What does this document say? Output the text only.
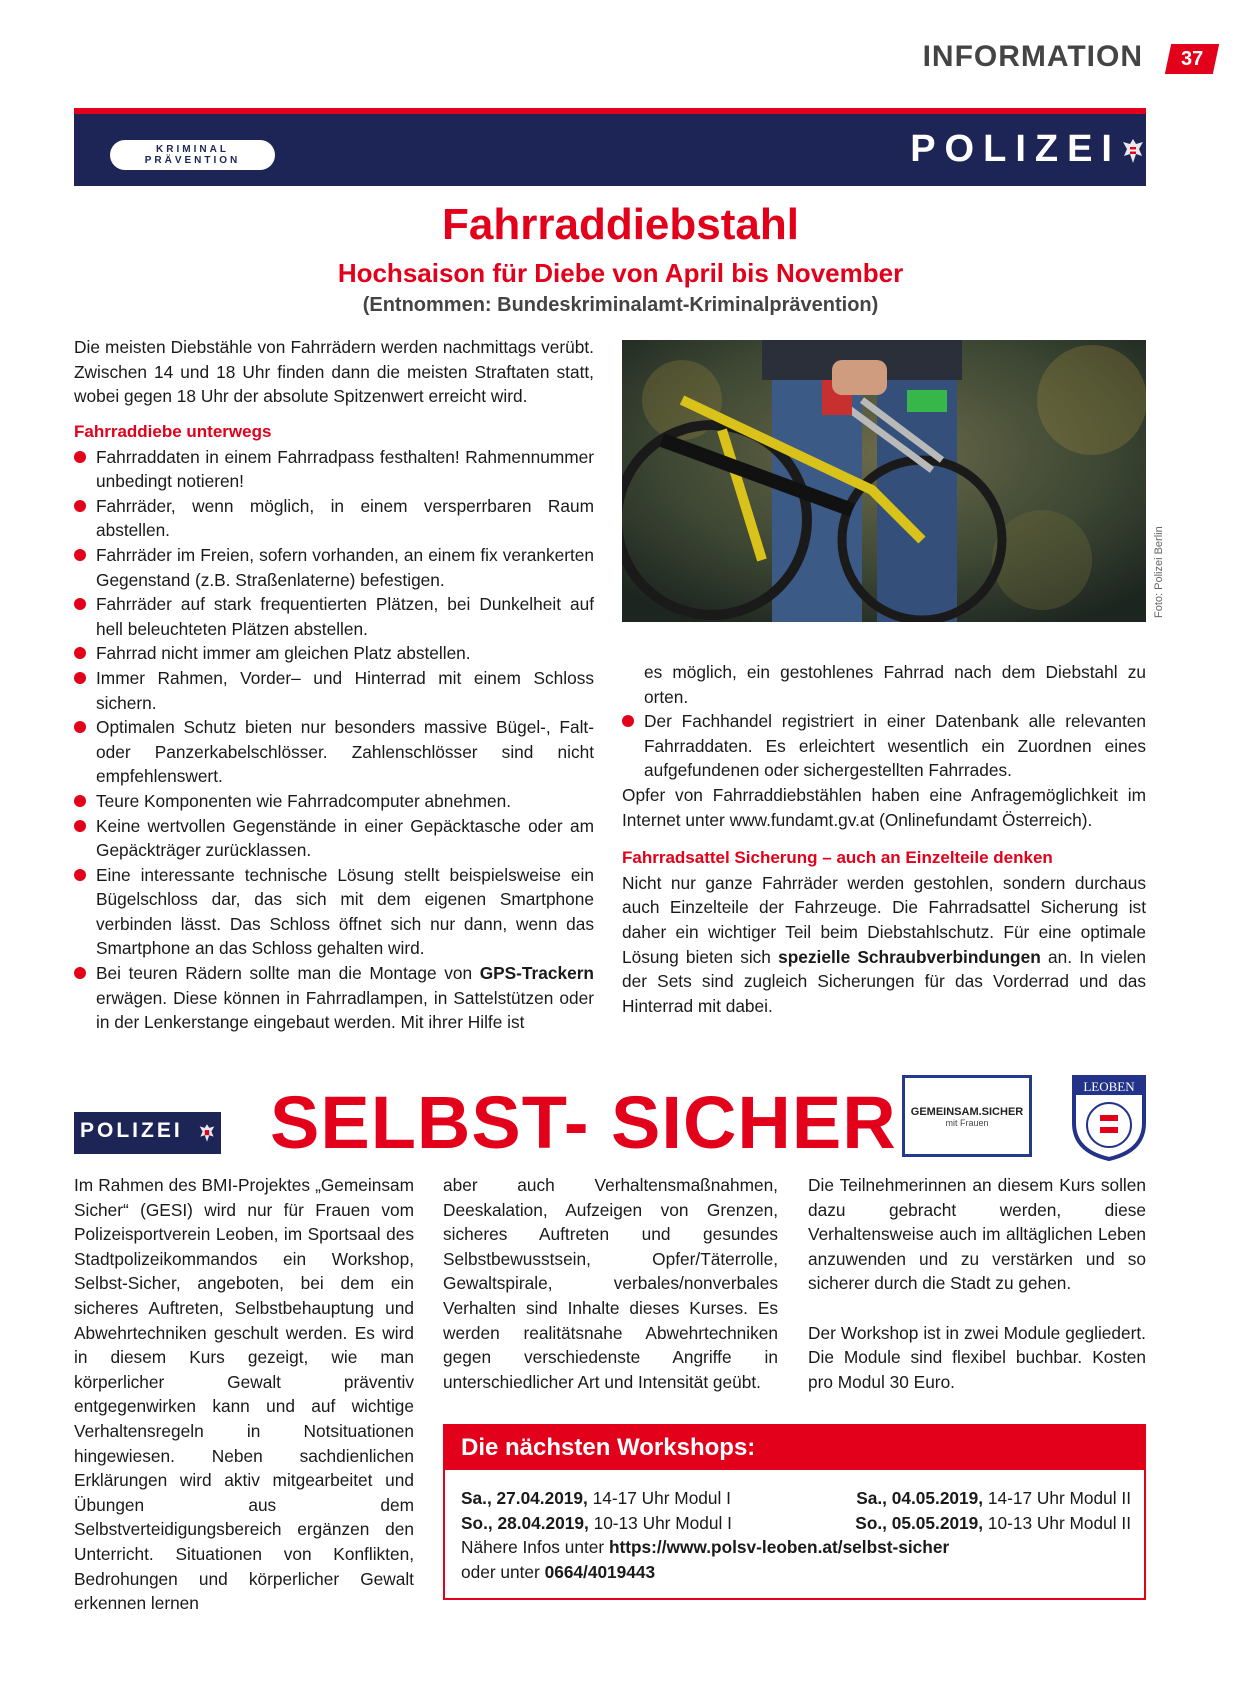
INFORMATION	37
KRIMINAL
PRÄVENTION	POLIZEI
Fahrraddiebstahl
Hochsaison für Diebe von April bis November
(Entnommen: Bundeskriminalamt-Kriminalprävention)
Die meisten Diebstähle von Fahrrädern werden nachmittags verübt. Zwischen 14 und 18 Uhr finden dann die meisten Straftaten statt, wobei gegen 18 Uhr der absolute Spitzenwert erreicht wird.
Fahrraddiebe unterwegs
Fahrraddaten in einem Fahrradpass festhalten! Rahmennummer unbedingt notieren!
Fahrräder, wenn möglich, in einem versperrbaren Raum abstellen.
Fahrräder im Freien, sofern vorhanden, an einem fix verankerten Gegenstand (z.B. Straßenlaterne) befestigen.
Fahrräder auf stark frequentierten Plätzen, bei Dunkelheit auf hell beleuchteten Plätzen abstellen.
Fahrrad nicht immer am gleichen Platz abstellen.
Immer Rahmen, Vorder– und Hinterrad mit einem Schloss sichern.
Optimalen Schutz bieten nur besonders massive Bügel-, Falt- oder Panzerkabelschlösser. Zahlenschlösser sind nicht empfehlenswert.
Teure Komponenten wie Fahrradcomputer abnehmen.
Keine wertvollen Gegenstände in einer Gepäcktasche oder am Gepäckträger zurücklassen.
Eine interessante technische Lösung stellt beispielsweise ein Bügelschloss dar, das sich mit dem eigenen Smartphone verbinden lässt. Das Schloss öffnet sich nur dann, wenn das Smartphone an das Schloss gehalten wird.
Bei teuren Rädern sollte man die Montage von GPS-Trackern erwägen. Diese können in Fahrradlampen, in Sattelstützen oder in der Lenkerstange eingebaut werden. Mit ihrer Hilfe ist
Foto: Polizei Berlin
es möglich, ein gestohlenes Fahrrad nach dem Diebstahl zu orten.
Der Fachhandel registriert in einer Datenbank alle relevanten Fahrraddaten. Es erleichtert wesentlich ein Zuordnen eines aufgefundenen oder sichergestellten Fahrrades.
Opfer von Fahrraddiebstählen haben eine Anfragemöglichkeit im Internet unter www.fundamt.gv.at (Onlinefundamt Österreich).
Fahrradsattel Sicherung – auch an Einzelteile denken
Nicht nur ganze Fahrräder werden gestohlen, sondern durchaus auch Einzelteile der Fahrzeuge. Die Fahrradsattel Sicherung ist daher ein wichtiger Teil beim Diebstahlschutz. Für eine optimale Lösung bieten sich spezielle Schraubverbindungen an. In vielen der Sets sind zugleich Sicherungen für das Vorderrad und das Hinterrad mit dabei.
POLIZEI SELBST- SICHER	GEMEINSAM.SICHER
mit Frauen
LEOBEN
Im Rahmen des BMI-Projektes „Gemeinsam Sicher“ (GESI) wird nur für Frauen vom Polizeisportverein Leoben, im Sportsaal des Stadtpolizeikommandos ein Workshop, Selbst-Sicher, angeboten, bei dem ein sicheres Auftreten, Selbstbehauptung und Abwehrtechniken geschult werden. Es wird in diesem Kurs gezeigt, wie man körperlicher Gewalt präventiv entgegenwirken kann und auf wichtige Verhaltensregeln in Notsituationen hingewiesen. Neben sachdienlichen Erklärungen wird aktiv mitgearbeitet und Übungen aus dem Selbstverteidigungsbereich ergänzen den Unterricht. Situationen von Konflikten, Bedrohungen und körperlicher Gewalt erkennen lernen
aber auch Verhaltensmaßnahmen, Deeskalation, Aufzeigen von Grenzen, sicheres Auftreten und gesundes Selbstbewusstsein, Opfer/Täterrolle, Gewaltspirale, verbales/nonverbales Verhalten sind Inhalte dieses Kurses. Es werden realitätsnahe Abwehrtechniken gegen verschiedenste Angriffe in unterschiedlicher Art und Intensität geübt.
Die Teilnehmerinnen an diesem Kurs sollen dazu gebracht werden, diese Verhaltensweise auch im alltäglichen Leben anzuwenden und zu verstärken und so sicherer durch die Stadt zu gehen.
Der Workshop ist in zwei Module gegliedert. Die Module sind flexibel buchbar. Kosten pro Modul 30 Euro.
Die nächsten Workshops:
Sa., 27.04.2019, 14-17 Uhr Modul I	Sa., 04.05.2019, 14-17 Uhr Modul II
So., 28.04.2019, 10-13 Uhr Modul I	So., 05.05.2019, 10-13 Uhr Modul II
Nähere Infos unter https://www.polsv-leoben.at/selbst-sicher
oder unter 0664/4019443
